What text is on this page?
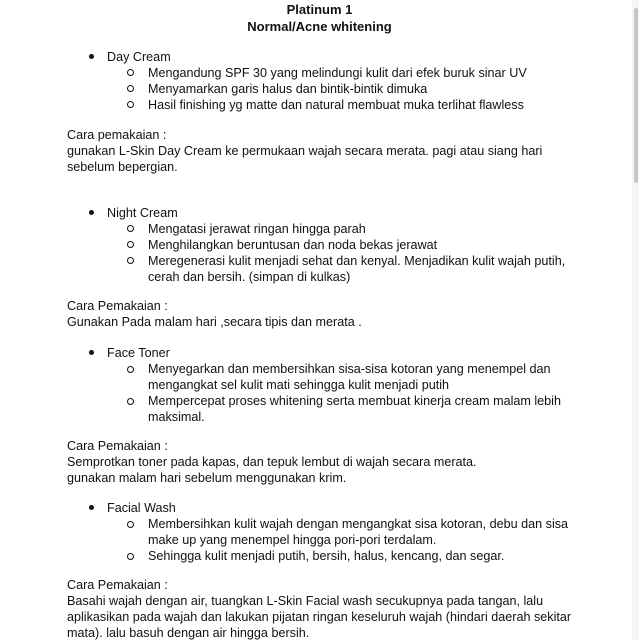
Platinum 1
Normal/Acne whitening
Day Cream
Mengandung SPF 30 yang melindungi kulit dari efek buruk sinar UV
Menyamarkan garis halus dan bintik-bintik dimuka
Hasil finishing yg matte dan natural membuat muka terlihat flawless
Cara pemakaian :
gunakan L-Skin Day Cream ke permukaan wajah secara merata. pagi atau siang hari
sebelum bepergian.
Night Cream
Mengatasi jerawat ringan hingga parah
Menghilangkan beruntusan dan noda bekas jerawat
Meregenerasi kulit menjadi sehat dan kenyal. Menjadikan kulit wajah putih,
cerah dan bersih. (simpan di kulkas)
Cara Pemakaian :
Gunakan Pada malam hari ,secara tipis dan merata .
Face Toner
Menyegarkan dan membersihkan sisa-sisa kotoran yang menempel dan
mengangkat sel kulit mati sehingga kulit menjadi putih
Mempercepat proses whitening serta membuat kinerja cream malam lebih
maksimal.
Cara Pemakaian :
Semprotkan toner pada kapas, dan tepuk lembut di wajah secara merata.
gunakan malam hari sebelum menggunakan krim.
Facial Wash
Membersihkan kulit wajah dengan mengangkat sisa kotoran, debu dan sisa
make up yang menempel hingga pori-pori terdalam.
Sehingga kulit menjadi putih, bersih, halus, kencang, dan segar.
Cara Pemakaian :
Basahi wajah dengan air, tuangkan L-Skin Facial wash secukupnya pada tangan, lalu
aplikasikan pada wajah dan lakukan pijatan ringan keseluruh wajah (hindari daerah sekitar
mata). lalu basuh dengan air hingga bersih.
